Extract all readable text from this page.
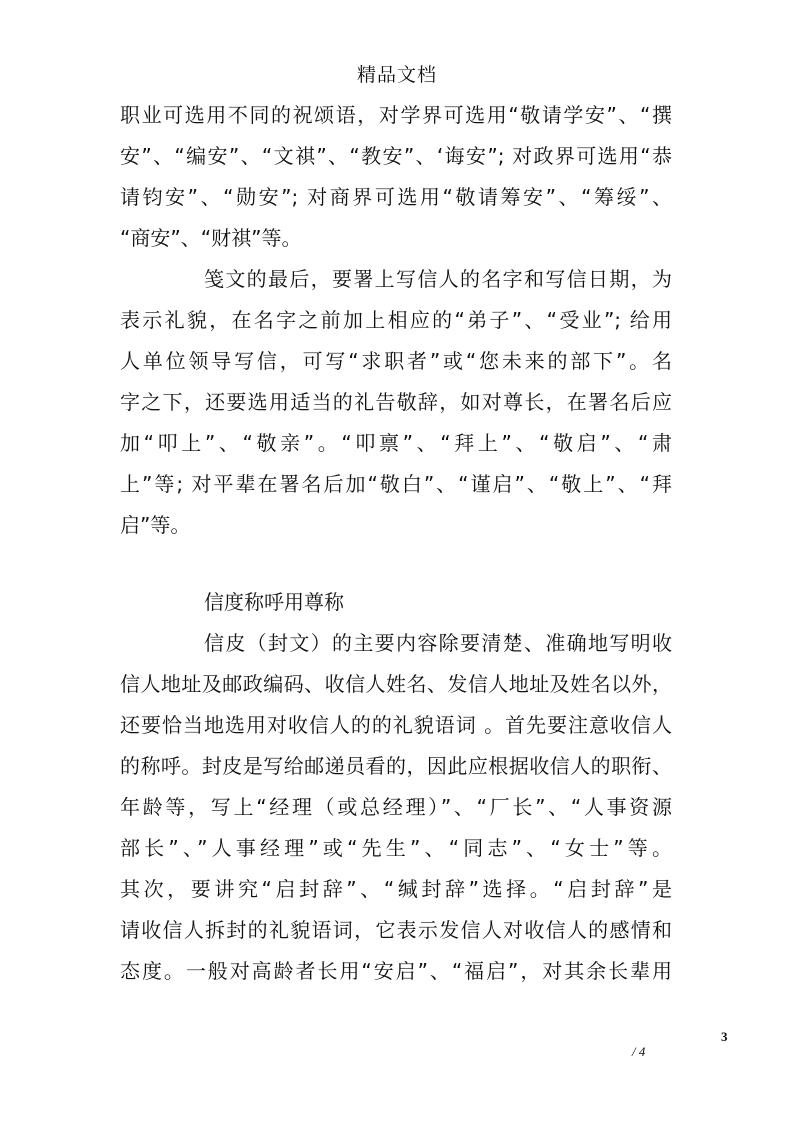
精品文档
职业可选用不同的祝颂语，对学界可选用“敬请学安”、“撰
安”、“编安”、“文祺”、“教安”、‘诲安”; 对政界可选用“恭
请钧安”、“勋安”; 对商界可选用“敬请筹安”、“筹绥”、
“商安”、“财祺”等。
笺文的最后，要署上写信人的名字和写信日期，为
表示礼貌，在名字之前加上相应的“弟子”、“受业”; 给用
人单位领导写信，可写“求职者”或“您未来的部下”。名
字之下，还要选用适当的礼告敬辞，如对尊长，在署名后应
加“叩上”、“敬亲”。“叩禀”、“拜上”、“敬启”、“肃
上”等; 对平辈在署名后加“敬白”、“谨启”、“敬上”、“拜
启”等。
信度称呼用尊称
信皮（封文）的主要内容除要清楚、准确地写明收
信人地址及邮政编码、收信人姓名、发信人地址及姓名以外，
还要恰当地选用对收信人的的礼貌语词 。首先要注意收信人
的称呼。封皮是写给邮递员看的，因此应根据收信人的职衔、
年龄等，写上“经理（或总经理）”、“厂长”、“人事资源
部长”、”人事经理”或“先生”、“同志”、“女士”等。
其次，要讲究“启封辞”、“缄封辞”选择。“启封辞”是
请收信人拆封的礼貌语词，它表示发信人对收信人的感情和
态度。一般对高龄者长用“安启”、“福启”，对其余长辈用
3
/ 4
